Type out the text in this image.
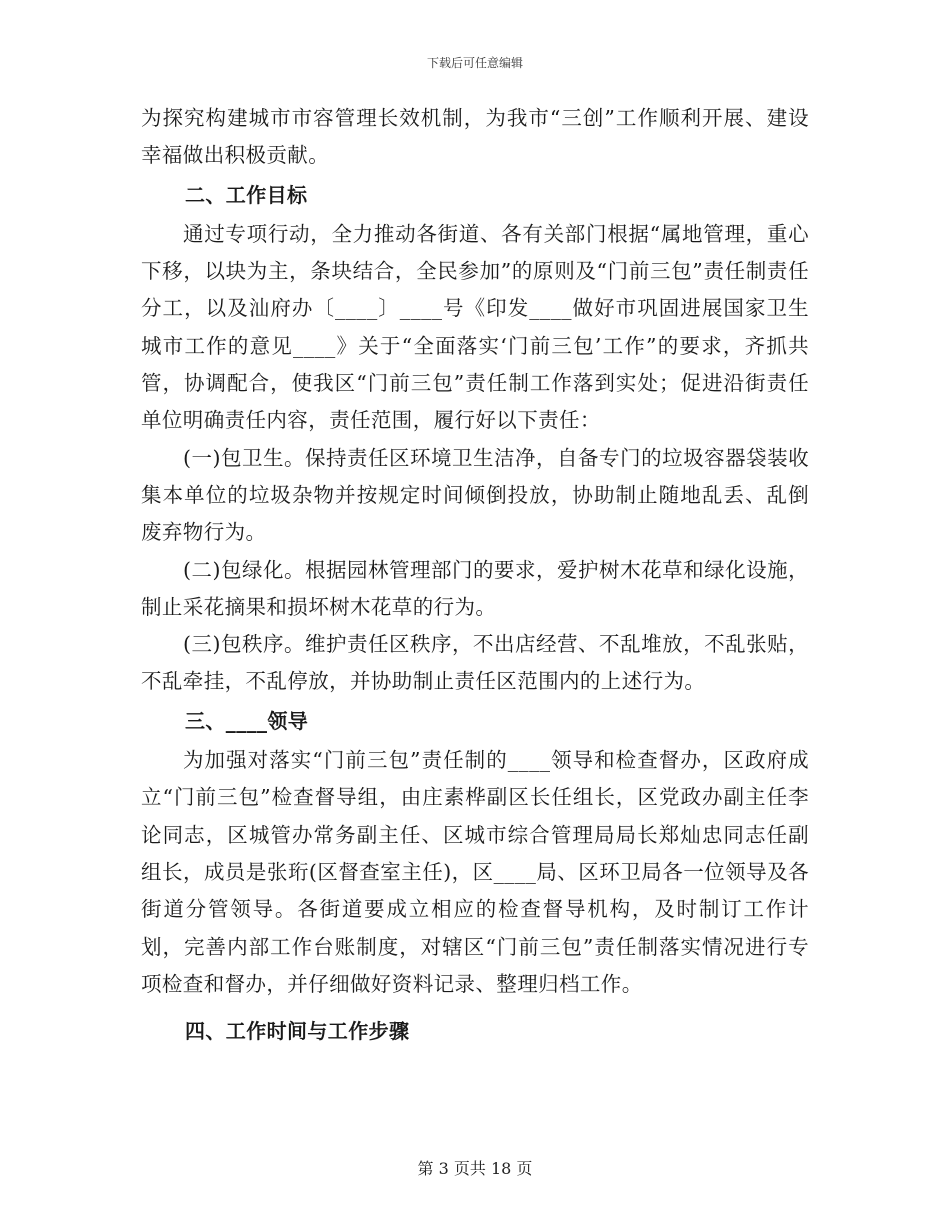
下载后可任意编辑

为探究构建城市市容管理长效机制，为我市“三创”工作顺利开展、建设幸福做出积极贡献。

二、工作目标

通过专项行动，全力推动各街道、各有关部门根据“属地管理，重心下移，以块为主，条块结合，全民参加”的原则及“门前三包”责任制责任分工，以及汕府办〔____〕____号《印发____做好市巩固进展国家卫生城市工作的意见____》关于“全面落实‘门前三包’工作”的要求，齐抓共管，协调配合，使我区“门前三包”责任制工作落到实处；促进沿街责任单位明确责任内容，责任范围，履行好以下责任：

(一)包卫生。保持责任区环境卫生洁净，自备专门的垃圾容器袋装收集本单位的垃圾杂物并按规定时间倾倒投放，协助制止随地乱丢、乱倒废弃物行为。

(二)包绿化。根据园林管理部门的要求，爱护树木花草和绿化设施，制止采花摘果和损坏树木花草的行为。

(三)包秩序。维护责任区秩序，不出店经营、不乱堆放，不乱张贴，不乱牵挂，不乱停放，并协助制止责任区范围内的上述行为。

三、____领导

为加强对落实“门前三包”责任制的____领导和检查督办，区政府成立“门前三包”检查督导组，由庄素桦副区长任组长，区党政办副主任李论同志，区城管办常务副主任、区城市综合管理局局长郑灿忠同志任副组长，成员是张珩(区督查室主任)，区____局、区环卫局各一位领导及各街道分管领导。各街道要成立相应的检查督导机构，及时制订工作计划，完善内部工作台账制度，对辖区“门前三包”责任制落实情况进行专项检查和督办，并仔细做好资料记录、整理归档工作。

四、工作时间与工作步骤

第 3 页共 18 页
